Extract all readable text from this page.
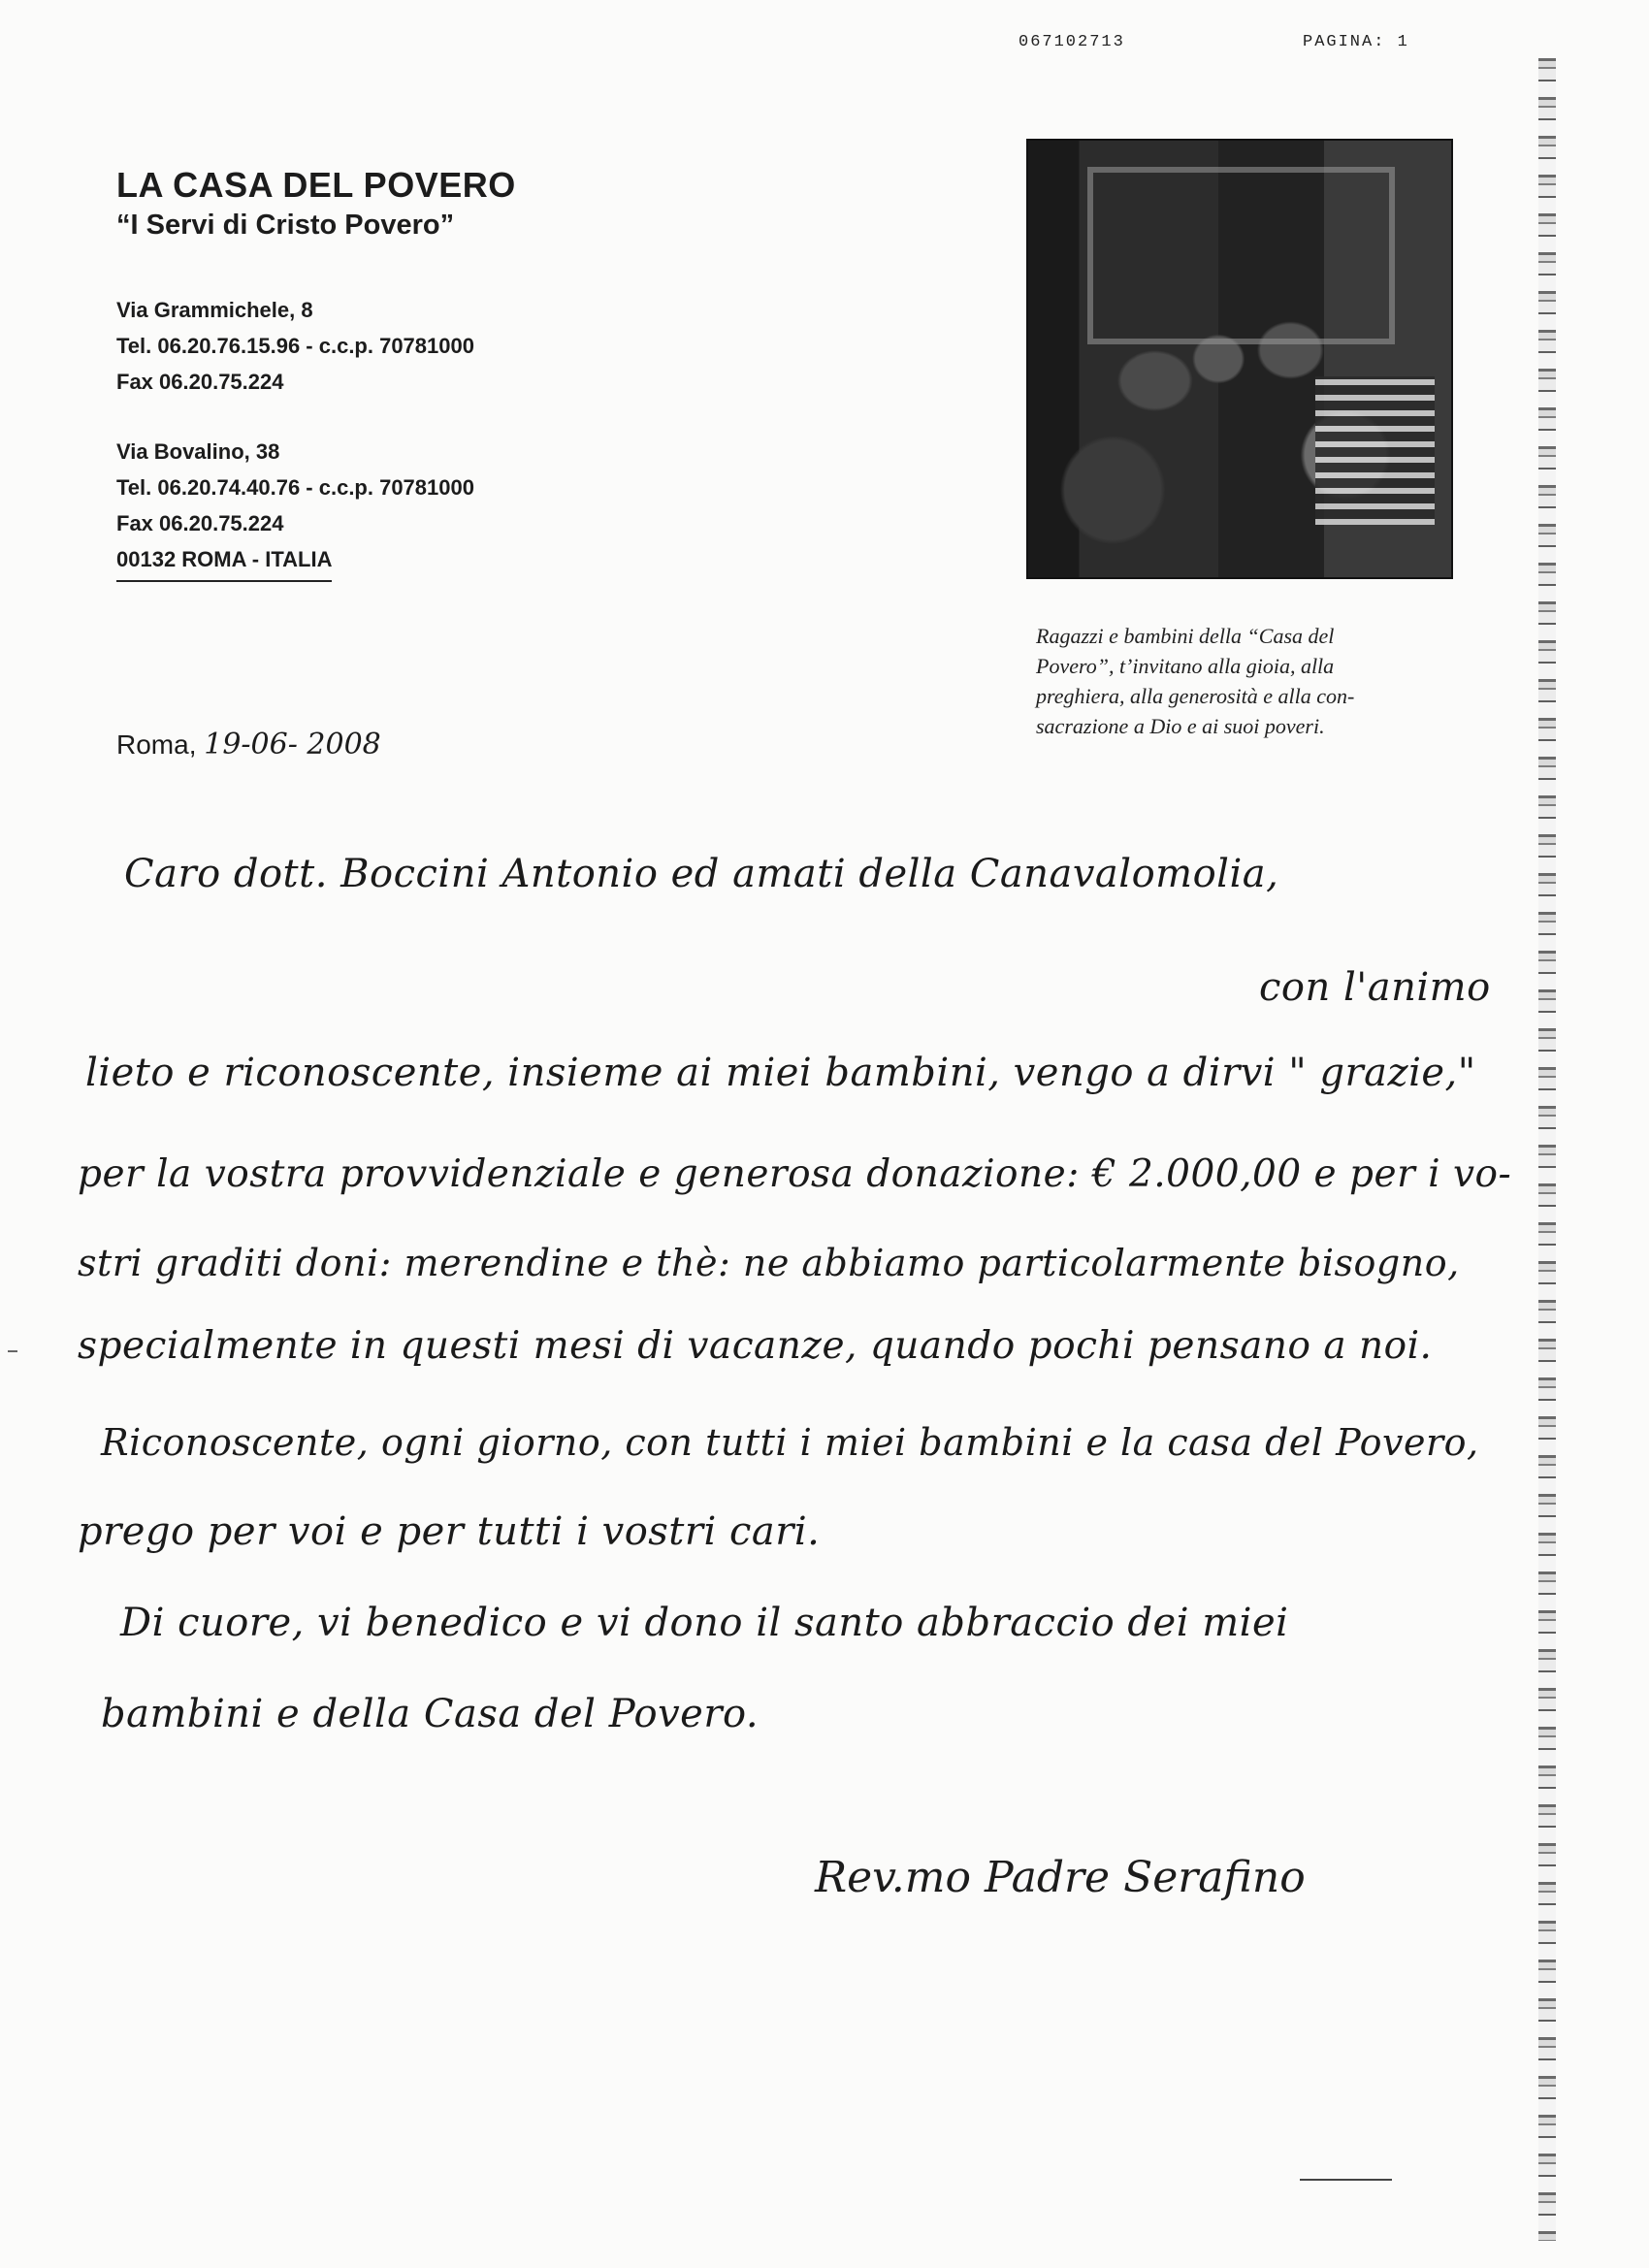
067102713	PAGINA: 1
LA CASA DEL POVERO
“I Servi di Cristo Povero”
Via Grammichele, 8
Tel. 06.20.76.15.96 - c.c.p. 70781000
Fax 06.20.75.224
Via Bovalino, 38
Tel. 06.20.74.40.76 - c.c.p. 70781000
Fax 06.20.75.224
00132 ROMA - ITALIA
Ragazzi e bambini della “Casa del
Povero”, t’invitano alla gioia, alla
preghiera, alla generosità e alla con-
sacrazione a Dio e ai suoi poveri.
Roma, 19-06- 2008
Caro dott. Boccini Antonio ed amati della Canavalomolia,
con l'animo
lieto e riconoscente, insieme ai miei bambini, vengo a dirvi " grazie,"
per la vostra provvidenziale e generosa donazione: € 2.000,00 e per i vo-
stri graditi doni: merendine e thè: ne abbiamo particolarmente bisogno,
specialmente in questi mesi di vacanze, quando pochi pensano a noi.
Riconoscente, ogni giorno, con tutti i miei bambini e la casa del Povero,
prego per voi e per tutti i vostri cari.
Di cuore, vi benedico e vi dono il santo abbraccio dei miei
bambini e della Casa del Povero.
Rev.mo Padre Serafino
